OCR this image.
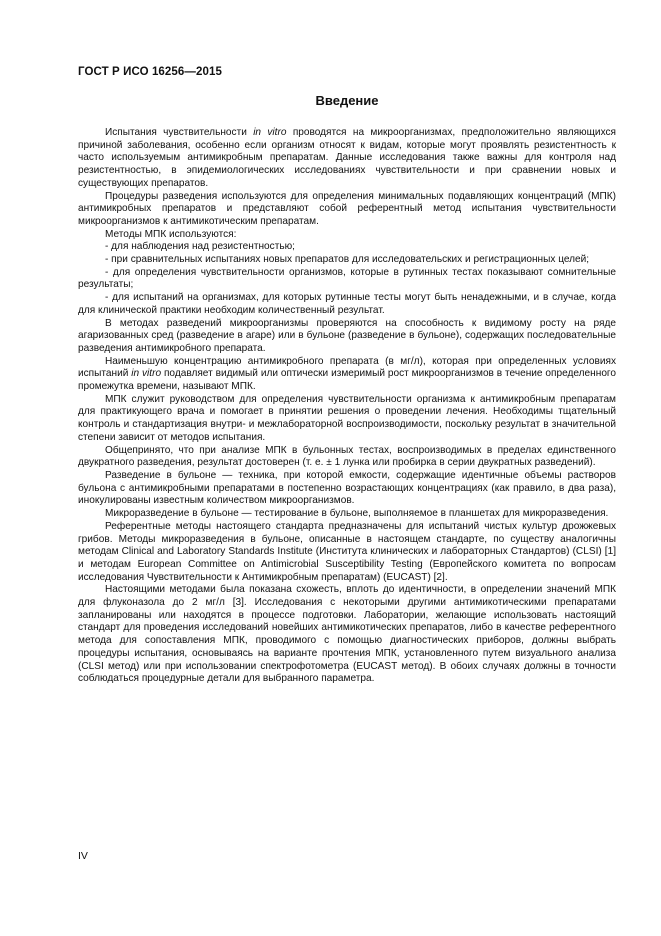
ГОСТ Р ИСО 16256—2015
Введение

Испытания чувствительности in vitro проводятся на микроорганизмах, предположительно являющихся причиной заболевания, особенно если организм относят к видам, которые могут проявлять резистентность к часто используемым антимикробным препаратам. Данные исследования также важны для контроля над резистентностью, в эпидемиологических исследованиях чувствительности и при сравнении новых и существующих препаратов.

Процедуры разведения используются для определения минимальных подавляющих концентраций (МПК) антимикробных препаратов и представляют собой референтный метод испытания чувствительности микроорганизмов к антимикотическим препаратам.

Методы МПК используются:

- для наблюдения над резистентностью;

- при сравнительных испытаниях новых препаратов для исследовательских и регистрационных целей;

- для определения чувствительности организмов, которые в рутинных тестах показывают сомнительные результаты;

- для испытаний на организмах, для которых рутинные тесты могут быть ненадежными, и в случае, когда для клинической практики необходим количественный результат.

В методах разведений микроорганизмы проверяются на способность к видимому росту на ряде агаризованных сред (разведение в агаре) или в бульоне (разведение в бульоне), содержащих последовательные разведения антимикробного препарата.

Наименьшую концентрацию антимикробного препарата (в мг/л), которая при определенных условиях испытаний in vitro подавляет видимый или оптически измеримый рост микроорганизмов в течение определенного промежутка времени, называют МПК.

МПК служит руководством для определения чувствительности организма к антимикробным препаратам для практикующего врача и помогает в принятии решения о проведении лечения. Необходимы тщательный контроль и стандартизация внутри- и межлабораторной воспроизводимости, поскольку результат в значительной степени зависит от методов испытания.

Общепринято, что при анализе МПК в бульонных тестах, воспроизводимых в пределах единственного двукратного разведения, результат достоверен (т. е. ± 1 лунка или пробирка в серии двукратных разведений).

Разведение в бульоне — техника, при которой емкости, содержащие идентичные объемы растворов бульона с антимикробными препаратами в постепенно возрастающих концентрациях (как правило, в два раза), инокулированы известным количеством микроорганизмов.

Микроразведение в бульоне — тестирование в бульоне, выполняемое в планшетах для микроразведения.

Референтные методы настоящего стандарта предназначены для испытаний чистых культур дрожжевых грибов. Методы микроразведения в бульоне, описанные в настоящем стандарте, по существу аналогичны методам Clinical and Laboratory Standards Institute (Института клинических и лабораторных Стандартов) (CLSI) [1] и методам European Committee on Antimicrobial Susceptibility Testing (Европейского комитета по вопросам исследования Чувствительности к Антимикробным препаратам) (EUCAST) [2].

Настоящими методами была показана схожесть, вплоть до идентичности, в определении значений МПК для флуконазола до 2 мг/л [3]. Исследования с некоторыми другими антимикотическими препаратами запланированы или находятся в процессе подготовки. Лаборатории, желающие использовать настоящий стандарт для проведения исследований новейших антимикотических препаратов, либо в качестве референтного метода для сопоставления МПК, проводимого с помощью диагностических приборов, должны выбрать процедуры испытания, основываясь на варианте прочтения МПК, установленного путем визуального анализа (CLSI метод) или при использовании спектрофотометра (EUCAST метод). В обоих случаях должны в точности соблюдаться процедурные детали для выбранного параметра.

IV
